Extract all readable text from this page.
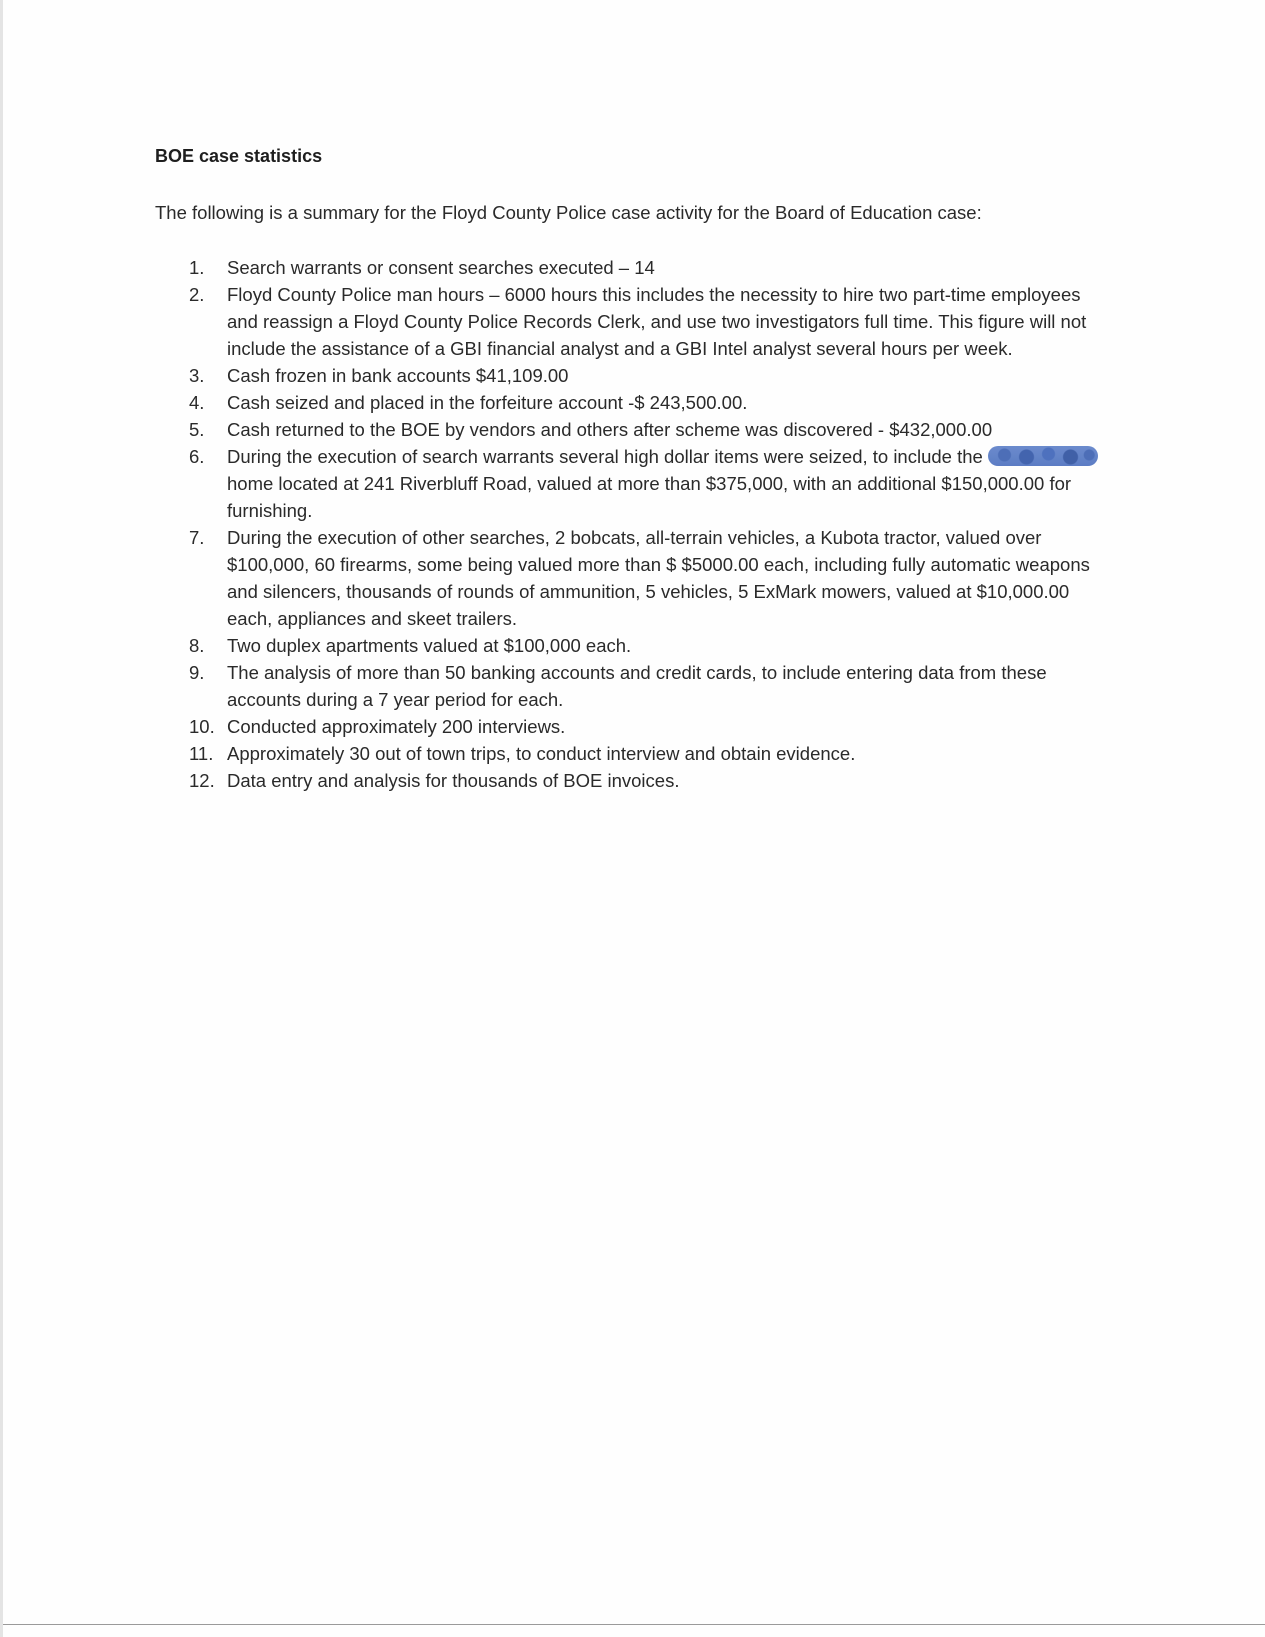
BOE case statistics
The following is a summary for the Floyd County Police case activity for the Board of Education case:
1.	Search warrants or consent searches executed – 14
2.	Floyd County Police man hours – 6000 hours this includes the necessity to hire two part-time employees and reassign a Floyd County Police Records Clerk, and use two investigators full time. This figure will not include the assistance of a GBI financial analyst and a GBI Intel analyst several hours per week.
3.	Cash frozen in bank accounts $41,109.00
4.	Cash seized and placed in the forfeiture account -$ 243,500.00.
5.	Cash returned to the BOE by vendors and others after scheme was discovered - $432,000.00
6.	During the execution of search warrants several high dollar items were seized, to include the  home located at 241 Riverbluff Road, valued at more than $375,000, with an additional $150,000.00 for furnishing.
7.	During the execution of other searches, 2 bobcats, all-terrain vehicles, a Kubota tractor, valued over $100,000, 60 firearms, some being valued more than $ $5000.00 each, including fully automatic weapons and silencers, thousands of rounds of ammunition, 5 vehicles, 5 ExMark mowers, valued at $10,000.00 each, appliances and skeet trailers.
8.	Two duplex apartments valued at $100,000 each.
9.	The analysis of more than 50 banking accounts and credit cards, to include entering data from these accounts during a 7 year period for each.
10. Conducted approximately 200 interviews.
11. Approximately 30 out of town trips, to conduct interview and obtain evidence.
12. Data entry and analysis for thousands of BOE invoices.
